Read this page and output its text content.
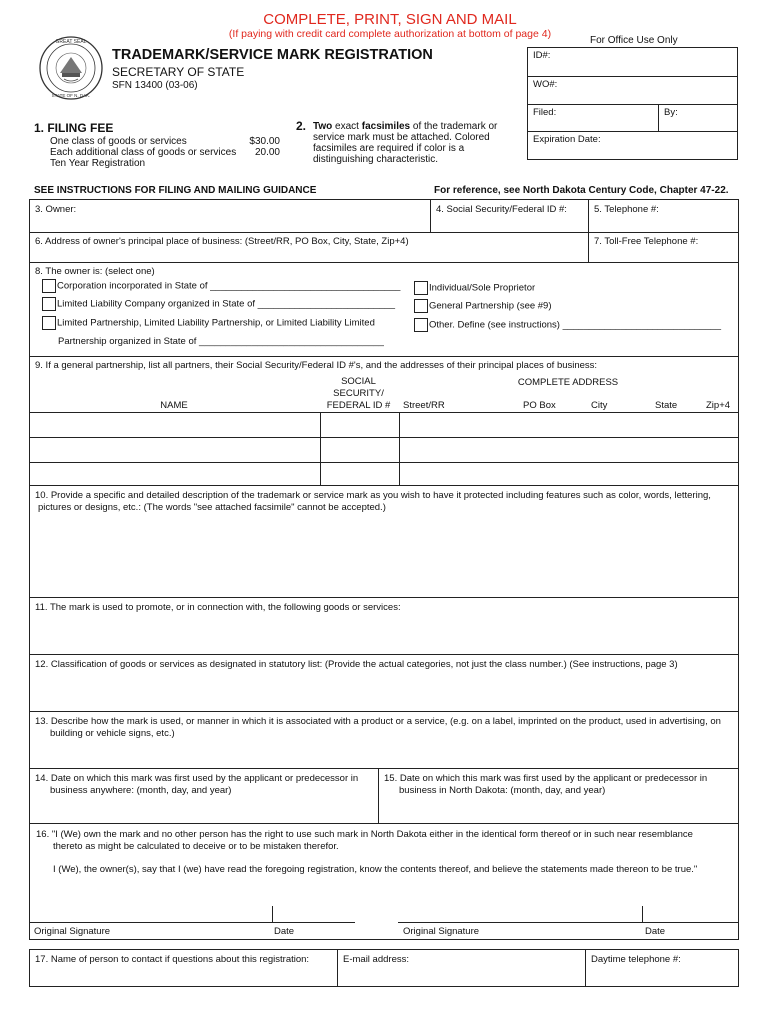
COMPLETE, PRINT, SIGN AND MAIL
(If paying with credit card complete authorization at bottom of page 4)
GREAT SEAL
STATE OF N. DAK.
TRADEMARK/SERVICE MARK REGISTRATION
SECRETARY OF STATE
SFN 13400 (03-06)
For Office Use Only
ID#:
WO#:
Filed:	By:
Expiration Date:
1. FILING FEE
One class of goods or services	$30.00
Each additional class of goods or services	20.00
Ten Year Registration
2. Two exact facsimiles of the trademark or service mark must be attached. Colored facsimiles are required if color is a distinguishing characteristic.
SEE INSTRUCTIONS FOR FILING AND MAILING GUIDANCE	For reference, see North Dakota Century Code, Chapter 47-22.
3. Owner:	4. Social Security/Federal ID #:	5. Telephone #:
6. Address of owner's principal place of business: (Street/RR, PO Box, City, State, Zip+4)	7. Toll-Free Telephone #:
8. The owner is: (select one)
Corporation incorporated in State of ____________________________________
Limited Liability Company organized in State of __________________________
Limited Partnership, Limited Liability Partnership, or Limited Liability Limited
Partnership organized in State of ___________________________________
Individual/Sole Proprietor
General Partnership (see #9)
Other. Define (see instructions) ______________________________
9. If a general partnership, list all partners, their Social Security/Federal ID #'s, and the addresses of their principal places of business:
NAME
SOCIAL
SECURITY/
FEDERAL ID #
COMPLETE ADDRESS
Street/RR	PO Box	City	State	Zip+4
10. Provide a specific and detailed description of the trademark or service mark as you wish to have it protected including features such as color, words, lettering, pictures or designs, etc.: (The words "see attached facsimile" cannot be accepted.)
11. The mark is used to promote, or in connection with, the following goods or services:
12. Classification of goods or services as designated in statutory list: (Provide the actual categories, not just the class number.) (See instructions, page 3)
13. Describe how the mark is used, or manner in which it is associated with a product or a service, (e.g. on a label, imprinted on the product, used in advertising, on building or vehicle signs, etc.)
14. Date on which this mark was first used by the applicant or predecessor in business anywhere: (month, day, and year)
15. Date on which this mark was first used by the applicant or predecessor in business in North Dakota: (month, day, and year)
16. "I (We) own the mark and no other person has the right to use such mark in North Dakota either in the identical form thereof or in such near resemblance thereto as might be calculated to deceive or to be mistaken therefor.
I (We), the owner(s), say that I (we) have read the foregoing registration, know the contents thereof, and believe the statements made thereon to be true."
Original Signature	Date	Original Signature	Date
17. Name of person to contact if questions about this registration:	E-mail address:	Daytime telephone #:
